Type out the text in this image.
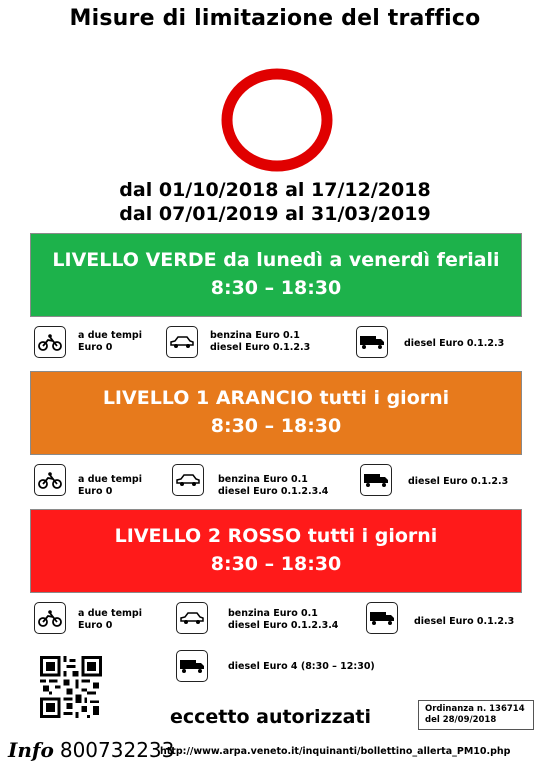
Misure di limitazione del traffico
dal 01/10/2018 al 17/12/2018
dal 07/01/2019 al 31/03/2019
LIVELLO VERDE da lunedì a venerdì feriali
8:30 – 18:30
LIVELLO 1 ARANCIO tutti i giorni
8:30 – 18:30
LIVELLO 2 ROSSO tutti i giorni
8:30 – 18:30
a due tempi
Euro 0
benzina Euro 0.1
diesel Euro 0.1.2.3	diesel Euro 0.1.2.3
a due tempi
Euro 0
benzina Euro 0.1
diesel Euro 0.1.2.3.4
diesel Euro 0.1.2.3
a due tempi
Euro 0
benzina Euro 0.1
diesel Euro 0.1.2.3.4	diesel Euro 0.1.2.3
diesel Euro 4 (8:30 – 12:30)
eccetto autorizzati	Ordinanza n. 136714
del 28/09/2018
Info 800732233
http://www.arpa.veneto.it/inquinanti/bollettino_allerta_PM10.php
